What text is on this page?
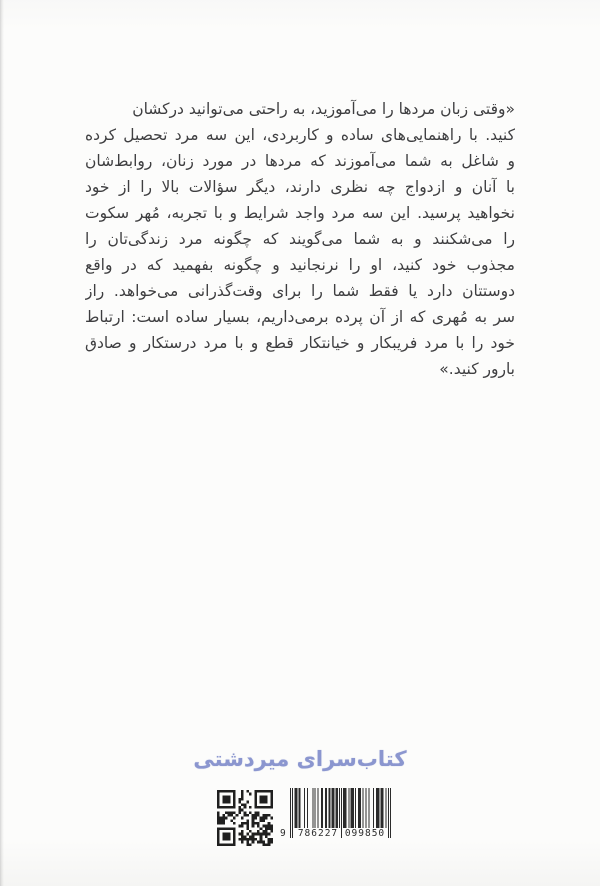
«وقتی زبان مردها را می‌آموزید، به راحتی می‌توانید درکشان
کنید. با راهنمایی‌های ساده و کاربردی، این سه مرد تحصیل کرده
و شاغل به شما می‌آموزند که مردها در مورد زنان، روابط‌شان
با آنان و ازدواج چه نظری دارند، دیگر سؤالات بالا را از خود
نخواهید پرسید. این سه مرد واجد شرایط و با تجربه، مُهر سکوت
را می‌شکنند و به شما می‌گویند که چگونه مرد زندگی‌تان را
مجذوب خود کنید، او را نرنجانید و چگونه بفهمید که در واقع
دوستتان دارد یا فقط شما را برای وقت‌گذرانی می‌خواهد. راز
سر به مُهری که از آن پرده برمی‌داریم، بسیار ساده است: ارتباط
خود را با مرد فریبکار و خیانتکار قطع و با مرد درستکار و صادق
بارور کنید.»
کتاب‌سرای میردشتی
9 786227 099850
